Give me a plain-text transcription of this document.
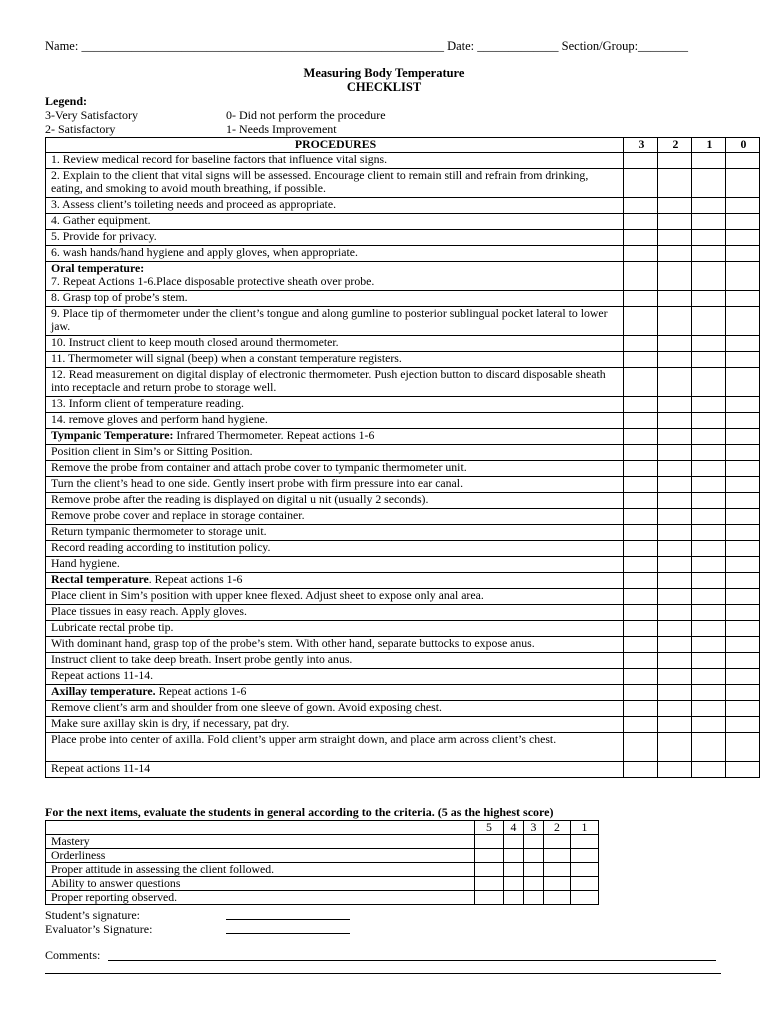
Name: __________________________________________________________ Date: _____________ Section/Group:________
Measuring Body Temperature
CHECKLIST
Legend:
3-Very Satisfactory	0- Did not perform the procedure
2- Satisfactory	1- Needs Improvement
PROCEDURES	3	2	1	0
1. Review medical record for baseline factors that influence vital signs.				
2. Explain to the client that vital signs will be assessed. Encourage client to remain still and refrain from drinking, eating, and smoking to avoid mouth breathing, if possible.				
3. Assess client’s toileting needs and proceed as appropriate.				
4. Gather equipment.				
5. Provide for privacy.				
6. wash hands/hand hygiene and apply gloves, when appropriate.				
Oral temperature:
7. Repeat Actions 1-6.Place disposable protective sheath over probe.				
8. Grasp top of probe’s stem.				
9. Place tip of thermometer under the client’s tongue and along gumline to posterior sublingual pocket lateral to lower jaw.				
10. Instruct client to keep mouth closed around thermometer.				
11. Thermometer will signal (beep) when a constant temperature registers.				
12. Read measurement on digital display of electronic thermometer. Push ejection button to discard disposable sheath into receptacle and return probe to storage well.				
13. Inform client of temperature reading.				
14. remove gloves and perform hand hygiene.				
Tympanic Temperature: Infrared Thermometer. Repeat actions 1-6				
Position client in Sim’s or Sitting Position.				
Remove the probe from container and attach probe cover to tympanic thermometer unit.				
Turn the client’s head to one side. Gently insert probe with firm pressure into ear canal.				
Remove probe after the reading is displayed on digital u nit (usually 2 seconds).				
Remove probe cover and replace in storage container.				
Return tympanic thermometer to storage unit.				
Record reading according to institution policy.				
Hand hygiene.				
Rectal temperature. Repeat actions 1-6				
Place client in Sim’s position with upper knee flexed. Adjust sheet to expose only anal area.				
Place tissues in easy reach. Apply gloves.				
Lubricate rectal probe tip.				
With dominant hand, grasp top of the probe’s stem. With other hand, separate buttocks to expose anus.				
Instruct client to take deep breath. Insert probe gently into anus.				
Repeat actions 11-14.				
Axillay temperature. Repeat actions 1-6				
Remove client’s arm and shoulder from one sleeve of gown. Avoid exposing chest.				
Make sure axillay skin is dry, if necessary, pat dry.				
Place probe into center of axilla. Fold client’s upper arm straight down, and place arm across client’s chest.				
Repeat actions 11-14				
For the next items, evaluate the students in general according to the criteria. (5 as the highest score)
	5	4	3	2	1
Mastery					
Orderliness					
Proper attitude in assessing the client followed.					
Ability to answer questions					
Proper reporting observed.					
Student’s signature:
Evaluator’s Signature:
Comments:
